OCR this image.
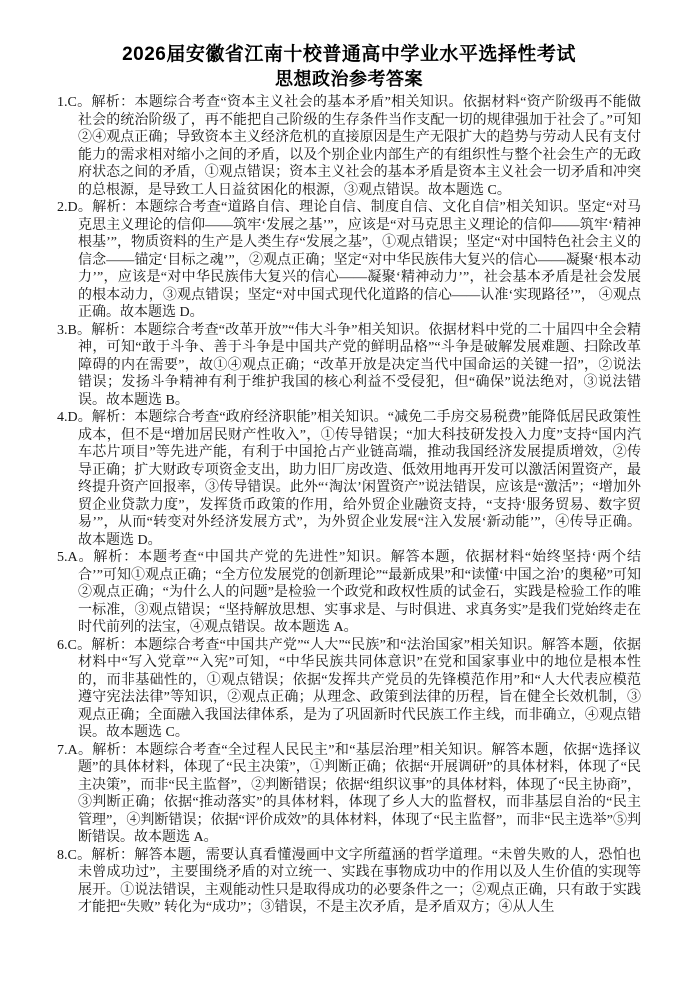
2026届安徽省江南十校普通高中学业水平选择性考试
思想政治参考答案

1.C。解析：本题综合考查“资本主义社会的基本矛盾”相关知识。依据材料“资产阶级再不能做社会的统治阶级了，再不能把自己阶级的生存条件当作支配一切的规律强加于社会了。”可知②④观点正确；导致资本主义经济危机的直接原因是生产无限扩大的趋势与劳动人民有支付能力的需求相对缩小之间的矛盾，以及个别企业内部生产的有组织性与整个社会生产的无政府状态之间的矛盾，①观点错误；资本主义社会的基本矛盾是资本主义社会一切矛盾和冲突的总根源，是导致工人日益贫困化的根源，③观点错误。故本题选 C。

2.D。解析：本题综合考查“道路自信、理论自信、制度自信、文化自信”相关知识。坚定“对马克思主义理论的信仰——筑牢‘发展之基’”，应该是“对马克思主义理论的信仰——筑牢‘精神根基’”，物质资料的生产是人类生存“发展之基”，①观点错误；坚定“对中国特色社会主义的信念——锚定‘目标之魂’”，②观点正确；坚定“对中华民族伟大复兴的信心——凝聚‘根本动力’”，应该是“对中华民族伟大复兴的信心——凝聚‘精神动力’”，社会基本矛盾是社会发展的根本动力，③观点错误；坚定“对中国式现代化道路的信心——认准‘实现路径’”， ④观点正确。故本题选 D。

3.B。解析：本题综合考查“改革开放”“伟大斗争”相关知识。依据材料中党的二十届四中全会精神，可知“敢于斗争、善于斗争是中国共产党的鲜明品格”“斗争是破解发展难题、扫除改革障碍的内在需要”，故①④观点正确；“改革开放是决定当代中国命运的关键一招”，②说法错误；发扬斗争精神有利于维护我国的核心利益不受侵犯，但“确保”说法绝对，③说法错误。故本题选 B。

4.D。解析：本题综合考查“政府经济职能”相关知识。“减免二手房交易税费”能降低居民政策性成本，但不是“增加居民财产性收入”，①传导错误；“加大科技研发投入力度”支持“国内汽车芯片项目”等先进产能，有利于中国抢占产业链高端，推动我国经济发展提质增效，②传导正确；扩大财政专项资金支出，助力旧厂房改造、低效用地再开发可以激活闲置资产，最终提升资产回报率，③传导错误。此外“‘淘汰’闲置资产”说法错误，应该是“激活”；“增加外贸企业贷款力度”，发挥货币政策的作用，给外贸企业融资支持，“支持‘服务贸易、数字贸易’”，从而“转变对外经济发展方式”，为外贸企业发展“注入发展‘新动能’”，④传导正确。故本题选 D。

5.A。解析：本题考查“中国共产党的先进性”知识。解答本题，依据材料“始终坚持‘两个结合’”可知①观点正确；“全方位发展党的创新理论”“最新成果”和“读懂‘中国之治’的奥秘”可知②观点正确；“为什么人的问题”是检验一个政党和政权性质的试金石，实践是检验工作的唯一标准，③观点错误；“坚持解放思想、实事求是、与时俱进、求真务实”是我们党始终走在时代前列的法宝，④观点错误。故本题选 A。

6.C。解析：本题综合考查“中国共产党”“人大”“民族”和“法治国家”相关知识。解答本题，依据材料中“写入党章”“入宪”可知，“中华民族共同体意识”在党和国家事业中的地位是根本性的，而非基础性的，①观点错误；依据“发挥共产党员的先锋模范作用”和“人大代表应模范遵守宪法法律”等知识，②观点正确；从理念、政策到法律的历程，旨在健全长效机制，③观点正确；全面融入我国法律体系，是为了巩固新时代民族工作主线，而非确立，④观点错误。故本题选 C。

7.A。解析：本题综合考查“全过程人民民主”和“基层治理”相关知识。解答本题，依据“选择议题”的具体材料，体现了“民主决策”，①判断正确；依据“开展调研”的具体材料，体现了“民主决策”，而非“民主监督”，②判断错误；依据“组织议事”的具体材料，体现了“民主协商”，③判断正确；依据“推动落实”的具体材料，体现了乡人大的监督权，而非基层自治的“民主管理”，④判断错误；依据“评价成效”的具体材料，体现了“民主监督”，而非“民主选举”⑤判断错误。故本题选 A。

8.C。解析：解答本题，需要认真看懂漫画中文字所蕴涵的哲学道理。“未曾失败的人，恐怕也未曾成功过”，主要围绕矛盾的对立统一、实践在事物成功中的作用以及人生价值的实现等展开。①说法错误，主观能动性只是取得成功的必要条件之一；②观点正确，只有敢于实践才能把“失败” 转化为“成功”；③错误，不是主次矛盾，是矛盾双方；④从人生
